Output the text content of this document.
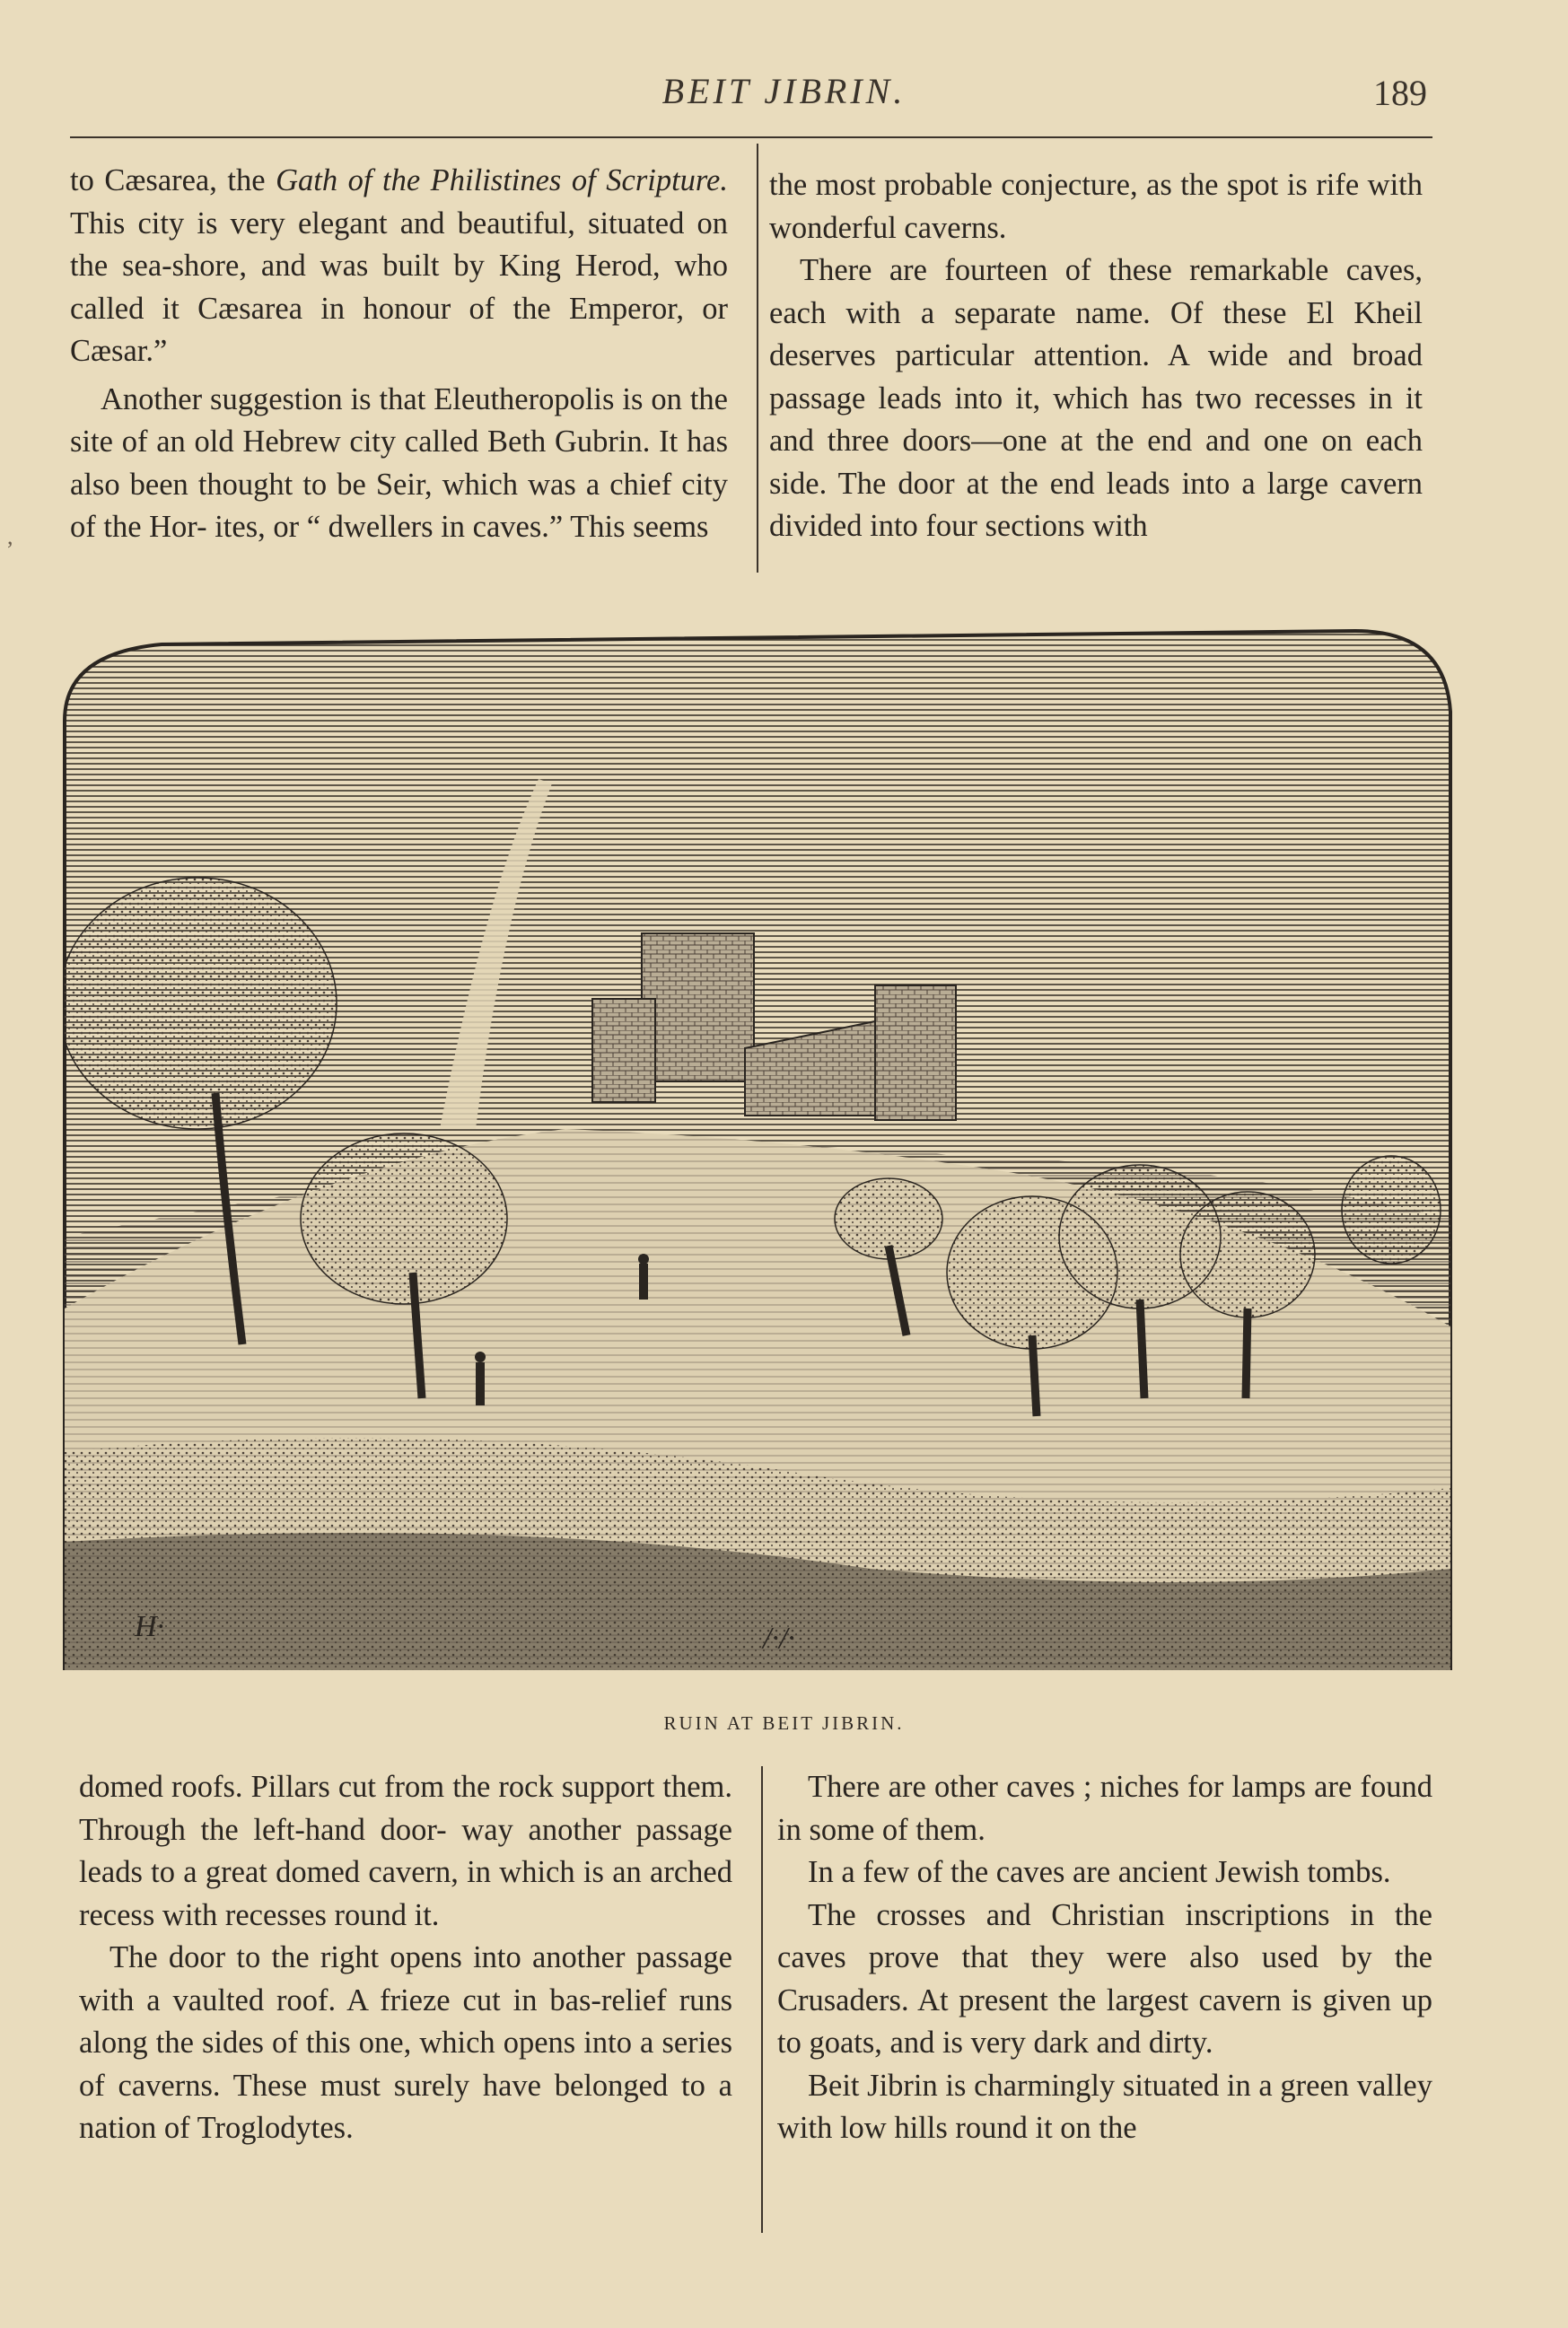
BEIT JIBRIN.	189
,

to Cæsarea, the Gath of the Philistines of Scripture. This city is very elegant and beautiful, situated on the sea-shore, and was built by King Herod, who called it Cæsarea in honour of the Emperor, or Cæsar.”

Another suggestion is that Eleutheropolis is on the site of an old Hebrew city called Beth Gubrin. It has also been thought to be Seir, which was a chief city of the Hor- ites, or “ dwellers in caves.” This seems

the most probable conjecture, as the spot is rife with wonderful caverns.

There are fourteen of these remarkable caves, each with a separate name. Of these El Kheil deserves particular attention. A wide and broad passage leads into it, which has two recesses in it and three doors—one at the end and one on each side. The door at the end leads into a large cavern divided into four sections with

H·	/·/·
RUIN AT BEIT JIBRIN.

domed roofs. Pillars cut from the rock support them. Through the left-hand door- way another passage leads to a great domed cavern, in which is an arched recess with recesses round it.

The door to the right opens into another passage with a vaulted roof. A frieze cut in bas-relief runs along the sides of this one, which opens into a series of caverns. These must surely have belonged to a nation of Troglodytes.

There are other caves ; niches for lamps are found in some of them.

In a few of the caves are ancient Jewish tombs.

The crosses and Christian inscriptions in the caves prove that they were also used by the Crusaders. At present the largest cavern is given up to goats, and is very dark and dirty.

Beit Jibrin is charmingly situated in a green valley with low hills round it on the
